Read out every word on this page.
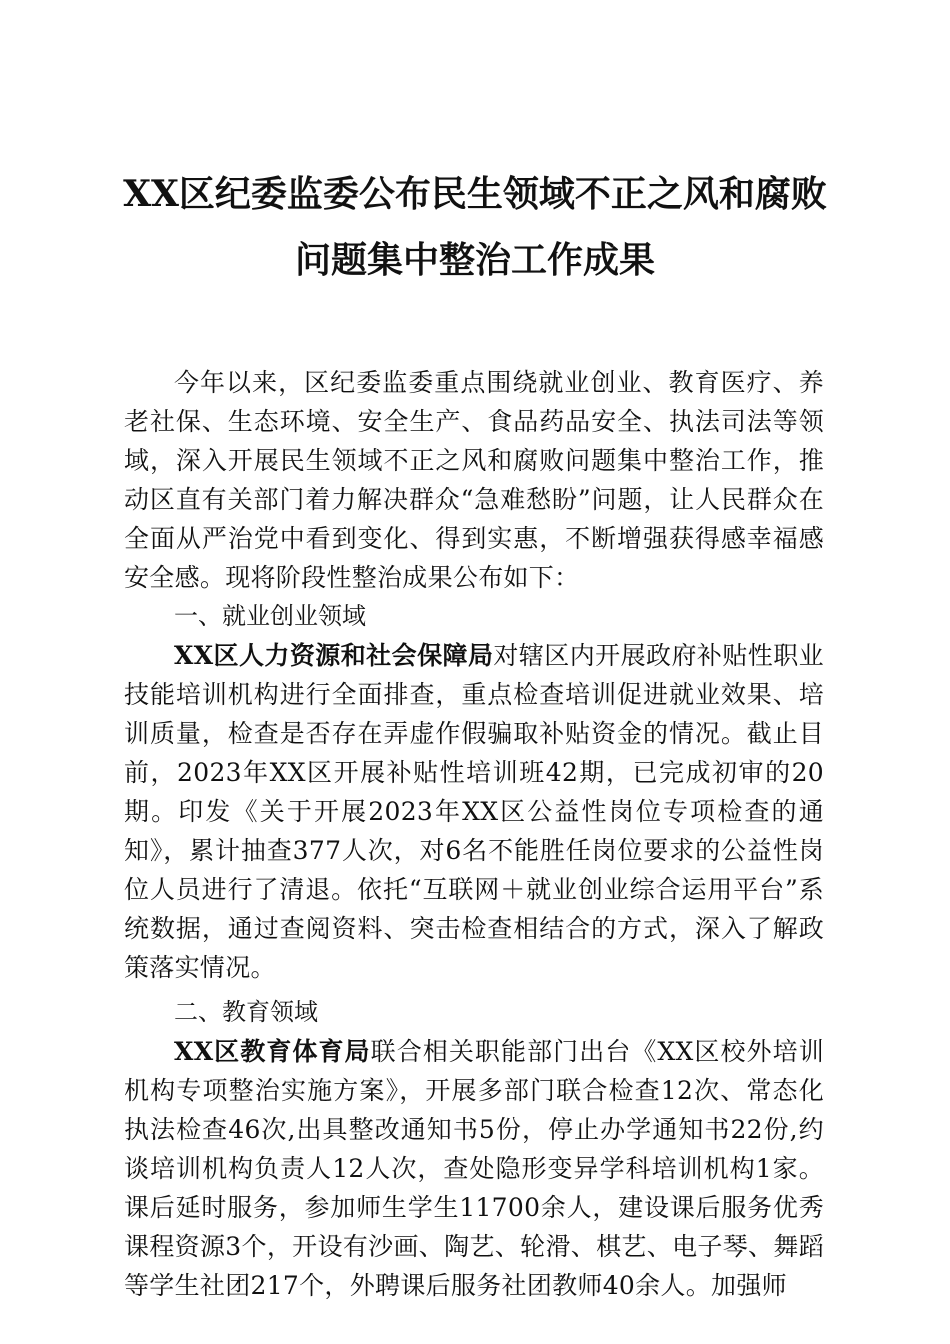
XX区纪委监委公布民生领域不正之风和腐败
问题集中整治工作成果

今年以来，区纪委监委重点围绕就业创业、教育医疗、养老社保、生态环境、安全生产、食品药品安全、执法司法等领域，深入开展民生领域不正之风和腐败问题集中整治工作，推动区直有关部门着力解决群众“急难愁盼”问题，让人民群众在全面从严治党中看到变化、得到实惠，不断增强获得感幸福感安全感。现将阶段性整治成果公布如下：

一、就业创业领域

XX区人力资源和社会保障局对辖区内开展政府补贴性职业技能培训机构进行全面排查，重点检查培训促进就业效果、培训质量，检查是否存在弄虚作假骗取补贴资金的情况。截止目前，2023年XX区开展补贴性培训班42期，已完成初审的20期。印发《关于开展2023年XX区公益性岗位专项检查的通知》，累计抽查377人次，对6名不能胜任岗位要求的公益性岗位人员进行了清退。依托“互联网＋就业创业综合运用平台”系统数据，通过查阅资料、突击检查相结合的方式，深入了解政策落实情况。

二、教育领域

XX区教育体育局联合相关职能部门出台《XX区校外培训机构专项整治实施方案》，开展多部门联合检查12次、常态化执法检查46次,出具整改通知书5份，停止办学通知书22份,约谈培训机构负责人12人次，查处隐形变异学科培训机构1家。课后延时服务，参加师生学生11700余人，建设课后服务优秀课程资源3个，开设有沙画、陶艺、轮滑、棋艺、电子琴、舞蹈等学生社团217个，外聘课后服务社团教师40余人。加强师
